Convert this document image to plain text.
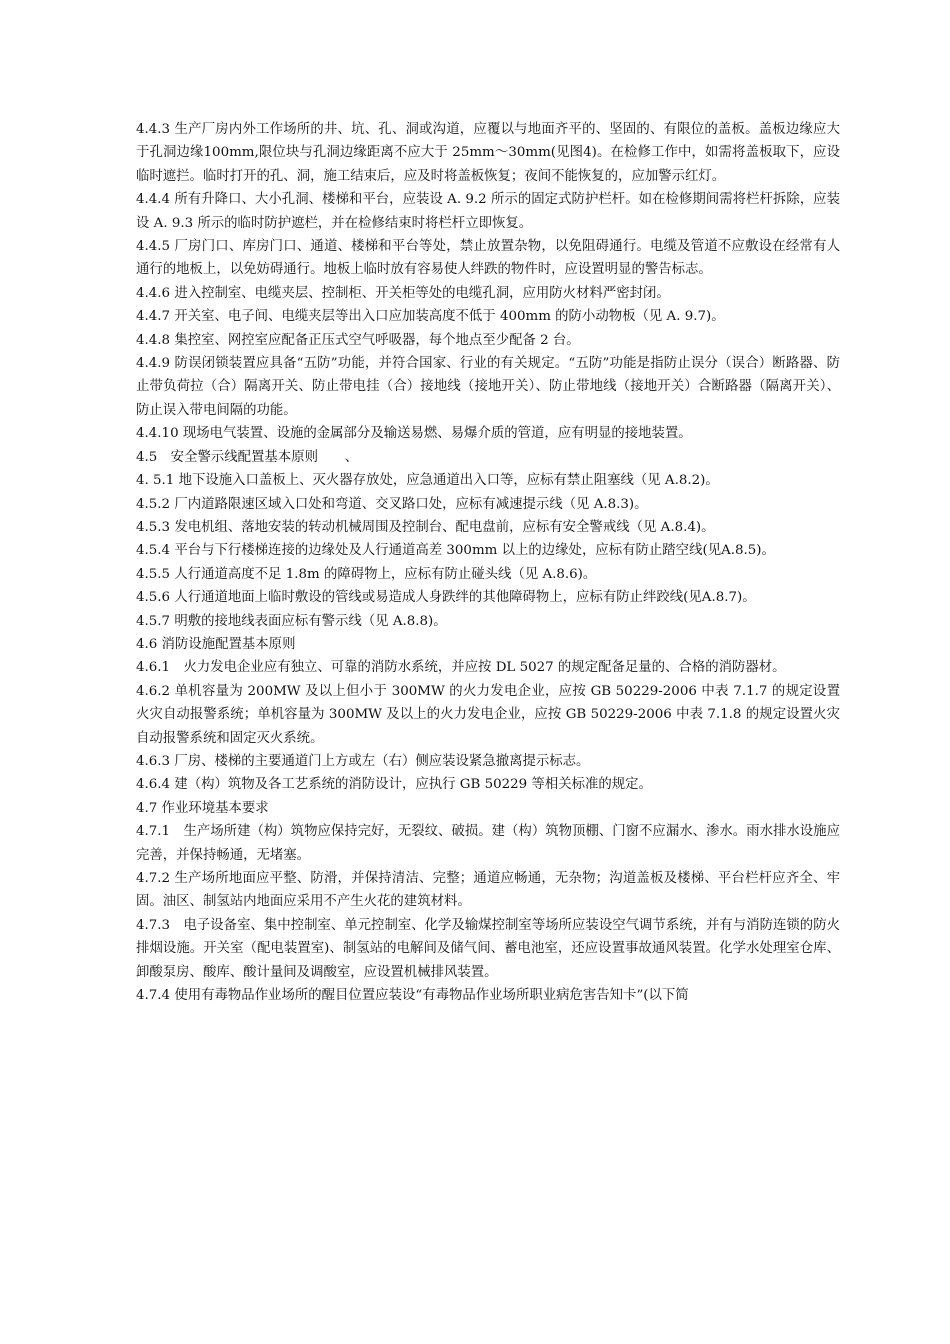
4.4.3 生产厂房内外工作场所的井、坑、孔、洞或沟道，应覆以与地面齐平的、坚固的、有限位的盖板。盖板边缘应大于孔洞边缘100mm,限位块与孔洞边缘距离不应大于 25mm～30mm(见图4)。在检修工作中，如需将盖板取下，应设临时遮拦。临时打开的孔、洞，施工结束后，应及时将盖板恢复；夜间不能恢复的，应加警示红灯。

4.4.4 所有升降口、大小孔洞、楼梯和平台，应装设 A. 9.2 所示的固定式防护栏杆。如在检修期间需将栏杆拆除，应装设 A. 9.3 所示的临时防护遮栏，并在检修结束时将栏杆立即恢复。

4.4.5 厂房门口、库房门口、通道、楼梯和平台等处，禁止放置杂物，以免阻碍通行。电缆及管道不应敷设在经常有人通行的地板上，以免妨碍通行。地板上临时放有容易使人绊跌的物件时，应设置明显的警告标志。

4.4.6 进入控制室、电缆夹层、控制柜、开关柜等处的电缆孔洞，应用防火材料严密封闭。

4.4.7 开关室、电子间、电缆夹层等出入口应加装高度不低于 400mm 的防小动物板（见 A. 9.7)。

4.4.8 集控室、网控室应配备正压式空气呼吸器，每个地点至少配备 2 台。

4.4.9 防误闭锁装置应具备“五防”功能，并符合国家、行业的有关规定。“五防”功能是指防止误分（误合）断路器、防止带负荷拉（合）隔离开关、防止带电挂（合）接地线（接地开关）、防止带地线（接地开关）合断路器（隔离开关）、防止误入带电间隔的功能。

4.4.10 现场电气装置、设施的金属部分及输送易燃、易爆介质的管道，应有明显的接地装置。

4.5　安全警示线配置基本原则　　、

4. 5.1 地下设施入口盖板上、灭火器存放处，应急通道出入口等，应标有禁止阻塞线（见 A.8.2)。

4.5.2 厂内道路限速区域入口处和弯道、交叉路口处，应标有减速提示线（见 A.8.3)。

4.5.3 发电机组、落地安装的转动机械周围及控制台、配电盘前，应标有安全警戒线（见 A.8.4)。

4.5.4 平台与下行楼梯连接的边缘处及人行通道高差 300mm 以上的边缘处，应标有防止踏空线(见A.8.5)。

4.5.5 人行通道高度不足 1.8m 的障碍物上，应标有防止碰头线（见 A.8.6)。

4.5.6 人行通道地面上临时敷设的管线或易造成人身跌绊的其他障碍物上，应标有防止绊跤线(见A.8.7)。

4.5.7 明敷的接地线表面应标有警示线（见 A.8.8)。

4.6 消防设施配置基本原则

4.6.1　火力发电企业应有独立、可靠的消防水系统，并应按 DL 5027 的规定配备足量的、合格的消防器材。

4.6.2 单机容量为 200MW 及以上但小于 300MW 的火力发电企业，应按 GB 50229-2006 中表 7.1.7 的规定设置火灾自动报警系统；单机容量为 300MW 及以上的火力发电企业，应按 GB 50229-2006 中表 7.1.8 的规定设置火灾自动报警系统和固定灭火系统。

4.6.3 厂房、楼梯的主要通道门上方或左（右）侧应装设紧急撤离提示标志。

4.6.4 建（构）筑物及各工艺系统的消防设计，应执行 GB 50229 等相关标准的规定。

4.7 作业环境基本要求

4.7.1　生产场所建（构）筑物应保持完好，无裂纹、破损。建（构）筑物顶棚、门窗不应漏水、渗水。雨水排水设施应完善，并保持畅通，无堵塞。

4.7.2 生产场所地面应平整、防滑，并保持清洁、完整；通道应畅通，无杂物；沟道盖板及楼梯、平台栏杆应齐全、牢固。油区、制氢站内地面应采用不产生火花的建筑材料。

4.7.3　电子设备室、集中控制室、单元控制室、化学及输煤控制室等场所应装设空气调节系统，并有与消防连锁的防火排烟设施。开关室（配电装置室)、制氢站的电解间及储气间、蓄电池室，还应设置事故通风装置。化学水处理室仓库、卸酸泵房、酸库、酸计量间及调酸室，应设置机械排风装置。

4.7.4 使用有毒物品作业场所的醒目位置应装设“有毒物品作业场所职业病危害告知卡”(以下简
